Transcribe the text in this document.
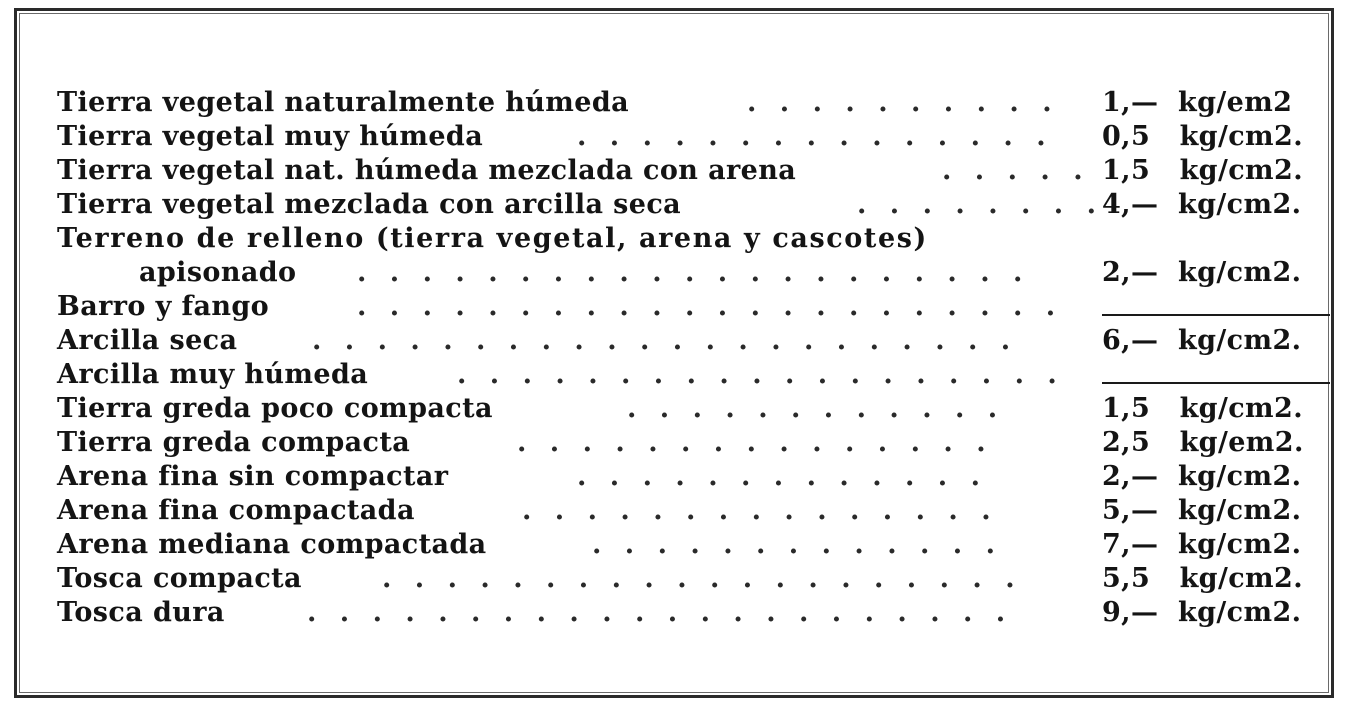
Tierra vegetal naturalmente húmeda	. . . . . . . . . . 1,—  kg/em2
Tierra vegetal muy húmeda	. . . . . . . . . . . . . . . 0,5   kg/cm2.
Tierra vegetal nat. húmeda mezclada con arena	. . . . . 1,5   kg/cm2.
Tierra vegetal mezclada con arcilla seca	. . . . . . . . 4,—  kg/cm2.
Terreno de relleno (tierra vegetal, arena y cascotes)
apisonado . . . . . . . . . . . . . . . . . . . . .	2,—  kg/cm2.
Barro y fango	. . . . . . . . . . . . . . . . . . . . . .
Arcilla seca	. . . . . . . . . . . . . . . . . . . . . .	6,—  kg/cm2.
Arcilla muy húmeda	. . . . . . . . . . . . . . . . . . .
Tierra greda poco compacta	. . . . . . . . . . . .	1,5   kg/cm2.
Tierra greda compacta	. . . . . . . . . . . . . . .	2,5   kg/em2.
Arena fina sin compactar	. . . . . . . . . . . . .	2,—  kg/cm2.
Arena fina compactada	. . . . . . . . . . . . . . .	5,—  kg/cm2.
Arena mediana compactada	. . . . . . . . . . . . .	7,—  kg/cm2.
Tosca compacta	. . . . . . . . . . . . . . . . . . . .	5,5   kg/cm2.
Tosca dura	. . . . . . . . . . . . . . . . . . . . . .	9,—  kg/cm2.
